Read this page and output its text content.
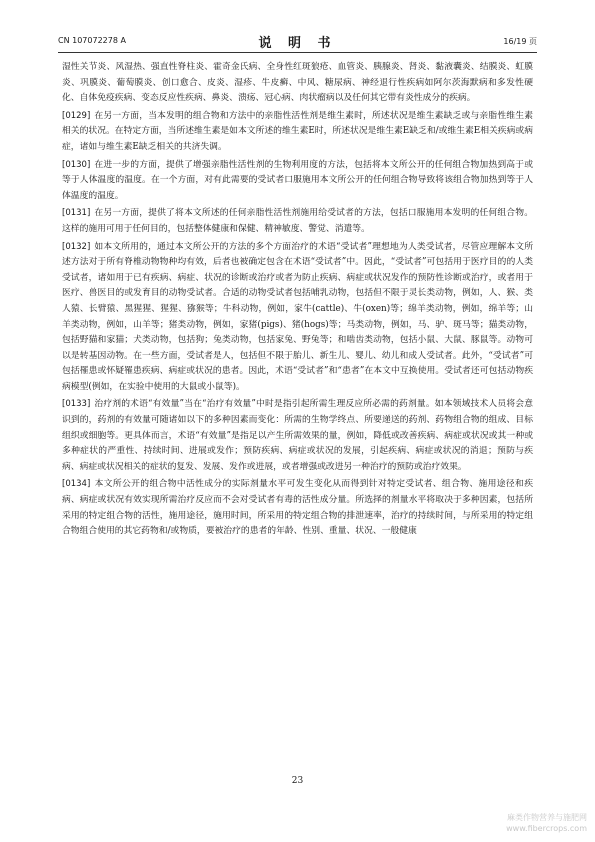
CN 107072278 A	说 明 书	16/19 页

湿性关节炎、风湿热、强直性脊柱炎、霍奇金氏病、全身性红斑狼疮、血管炎、胰腺炎、肾炎、黏液囊炎、结膜炎、虹膜炎、巩膜炎、葡萄膜炎、创口愈合、皮炎、湿疹、牛皮癣、中风、糖尿病、神经退行性疾病如阿尔茨海默病和多发性硬化、自体免疫疾病、变态反应性疾病、鼻炎、溃疡、冠心病、肉状瘤病以及任何其它带有炎性成分的疾病。

[0129] 在另一方面，当本发明的组合物和方法中的亲脂性活性剂是维生素时，所述状况是维生素缺乏或与亲脂性维生素相关的状况。在特定方面，当所述维生素是如本文所述的维生素E时，所述状况是维生素E缺乏和/或维生素E相关疾病或病症，诸如与维生素E缺乏相关的共济失调。

[0130] 在进一步的方面，提供了增强亲脂性活性剂的生物利用度的方法，包括将本文所公开的任何组合物加热到高于或等于人体温度的温度。在一个方面，对有此需要的受试者口服施用本文所公开的任何组合物导致将该组合物加热到等于人体温度的温度。

[0131] 在另一方面，提供了将本文所述的任何亲脂性活性剂施用给受试者的方法，包括口服施用本发明的任何组合物。这样的施用可用于任何目的，包括整体健康和保健、精神敏度、警觉、消遣等。

[0132] 如本文所用的，通过本文所公开的方法的多个方面治疗的术语“受试者”理想地为人类受试者，尽管应理解本文所述方法对于所有脊椎动物物种均有效，后者也被确定包含在术语“受试者”中。因此，“受试者”可包括用于医疗目的的人类受试者，诸如用于已有疾病、病症、状况的诊断或治疗或者为防止疾病、病症或状况发作的预防性诊断或治疗，或者用于医疗、兽医目的或发育目的动物受试者。合适的动物受试者包括哺乳动物，包括但不限于灵长类动物，例如，人、猴、类人猿、长臂猿、黑猩猩、猩猩、猕猴等；牛科动物，例如，家牛(cattle)、牛(oxen)等；绵羊类动物，例如，绵羊等；山羊类动物，例如，山羊等；猪类动物，例如，家猪(pigs)、猪(hogs)等；马类动物，例如，马、驴、斑马等；猫类动物，包括野猫和家猫；犬类动物，包括狗；兔类动物，包括家兔、野兔等；和啮齿类动物，包括小鼠、大鼠、豚鼠等。动物可以是转基因动物。在一些方面，受试者是人，包括但不限于胎儿、新生儿、婴儿、幼儿和成人受试者。此外，“受试者”可包括罹患或怀疑罹患疾病、病症或状况的患者。因此，术语“受试者”和“患者”在本文中互换使用。受试者还可包括动物疾病模型(例如，在实验中使用的大鼠或小鼠等)。

[0133] 治疗剂的术语“有效量”当在“治疗有效量”中时是指引起所需生理反应所必需的药剂量。如本领域技术人员将会意识到的，药剂的有效量可随诸如以下的多种因素而变化：所需的生物学终点、所要递送的药剂、药物组合物的组成、目标组织或细胞等。更具体而言，术语“有效量”是指足以产生所需效果的量，例如，降低或改善疾病、病症或状况或其一种或多种症状的严重性、持续时间、进展或发作；预防疾病、病症或状况的发展，引起疾病、病症或状况的消退；预防与疾病、病症或状况相关的症状的复发、发展、发作或进展，或者增强或改进另一种治疗的预防或治疗效果。

[0134] 本文所公开的组合物中活性成分的实际剂量水平可发生变化从而得到针对特定受试者、组合物、施用途径和疾病、病症或状况有效实现所需治疗反应而不会对受试者有毒的活性成分量。所选择的剂量水平将取决于多种因素，包括所采用的特定组合物的活性，施用途径，施用时间，所采用的特定组合物的排泄速率，治疗的持续时间，与所采用的特定组合物组合使用的其它药物和/或物质，要被治疗的患者的年龄、性别、重量、状况、一般健康

23
麻类作物营养与施肥网
www.fibercrops.com
